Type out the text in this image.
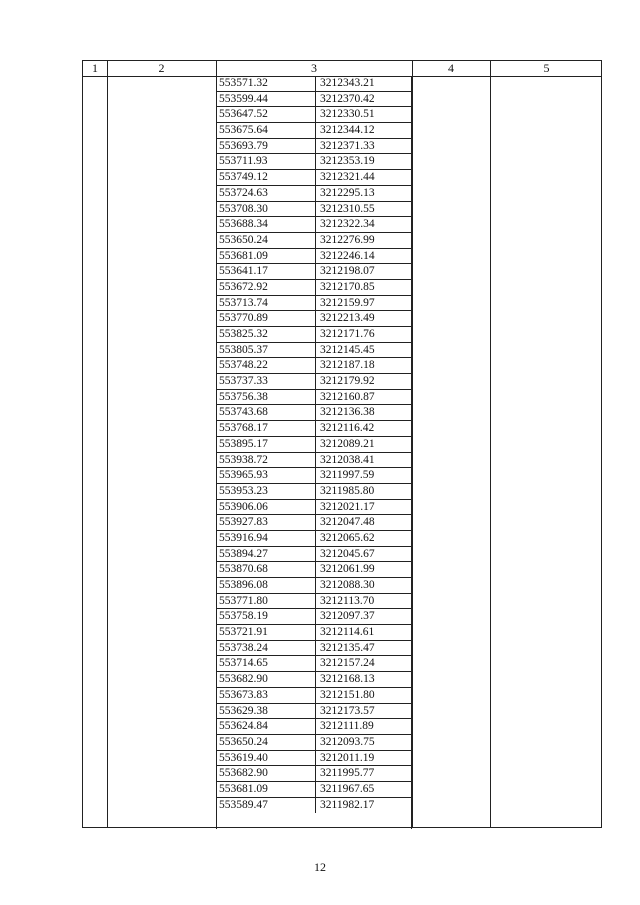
1	2	3	4	5
553571.32	3212343.21
553599.44	3212370.42
553647.52	3212330.51
553675.64	3212344.12
553693.79	3212371.33
553711.93	3212353.19
553749.12	3212321.44
553724.63	3212295.13
553708.30	3212310.55
553688.34	3212322.34
553650.24	3212276.99
553681.09	3212246.14
553641.17	3212198.07
553672.92	3212170.85
553713.74	3212159.97
553770.89	3212213.49
553825.32	3212171.76
553805.37	3212145.45
553748.22	3212187.18
553737.33	3212179.92
553756.38	3212160.87
553743.68	3212136.38
553768.17	3212116.42
553895.17	3212089.21
553938.72	3212038.41
553965.93	3211997.59
553953.23	3211985.80
553906.06	3212021.17
553927.83	3212047.48
553916.94	3212065.62
553894.27	3212045.67
553870.68	3212061.99
553896.08	3212088.30
553771.80	3212113.70
553758.19	3212097.37
553721.91	3212114.61
553738.24	3212135.47
553714.65	3212157.24
553682.90	3212168.13
553673.83	3212151.80
553629.38	3212173.57
553624.84	3212111.89
553650.24	3212093.75
553619.40	3212011.19
553682.90	3211995.77
553681.09	3211967.65
553589.47	3211982.17
12
